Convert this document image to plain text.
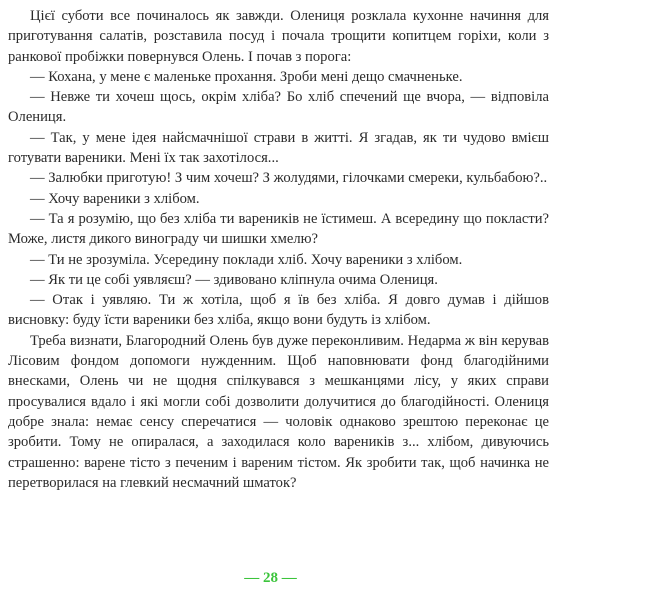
Цієї суботи все починалось як завжди. Олениця розклала кухонне начиння для приготування салатів, розставила посуд і почала трощити копитцем горіхи, коли з ранкової пробіжки повернувся Олень. І почав з порога:

— Кохана, у мене є маленьке прохання. Зроби мені дещо смачненьке.

— Невже ти хочеш щось, окрім хліба? Бо хліб спечений ще вчора, — відповіла Олениця.

— Так, у мене ідея найсмачнішої страви в житті. Я згадав, як ти чудово вмієш готувати вареники. Мені їх так захотілося...

— Залюбки приготую! З чим хочеш? З жолудями, гілочками смереки, кульбабою?..

— Хочу вареники з хлібом.

— Та я розумію, що без хліба ти вареників не їстимеш. А всередину що покласти? Може, листя дикого винограду чи шишки хмелю?

— Ти не зрозуміла. Усередину поклади хліб. Хочу вареники з хлібом.

— Як ти це собі уявляєш? — здивовано кліпнула очима Олениця.

— Отак і уявляю. Ти ж хотіла, щоб я їв без хліба. Я довго думав і дійшов висновку: буду їсти вареники без хліба, якщо вони будуть із хлібом.

Треба визнати, Благородний Олень був дуже переконливим. Недарма ж він керував Лісовим фондом допомоги нужденним. Щоб наповнювати фонд благодійними внесками, Олень чи не щодня спілкувався з мешканцями лісу, у яких справи просувалися вдало і які могли собі дозволити долучитися до благодійності. Олениця добре знала: немає сенсу сперечатися — чоловік однаково зрештою переконає це зробити. Тому не опиралася, а заходилася коло вареників з... хлібом, дивуючись страшенно: варене тісто з печеним і вареним тістом. Як зробити так, щоб начинка не перетворилася на глевкий несмачний шматок?

— 28 —
